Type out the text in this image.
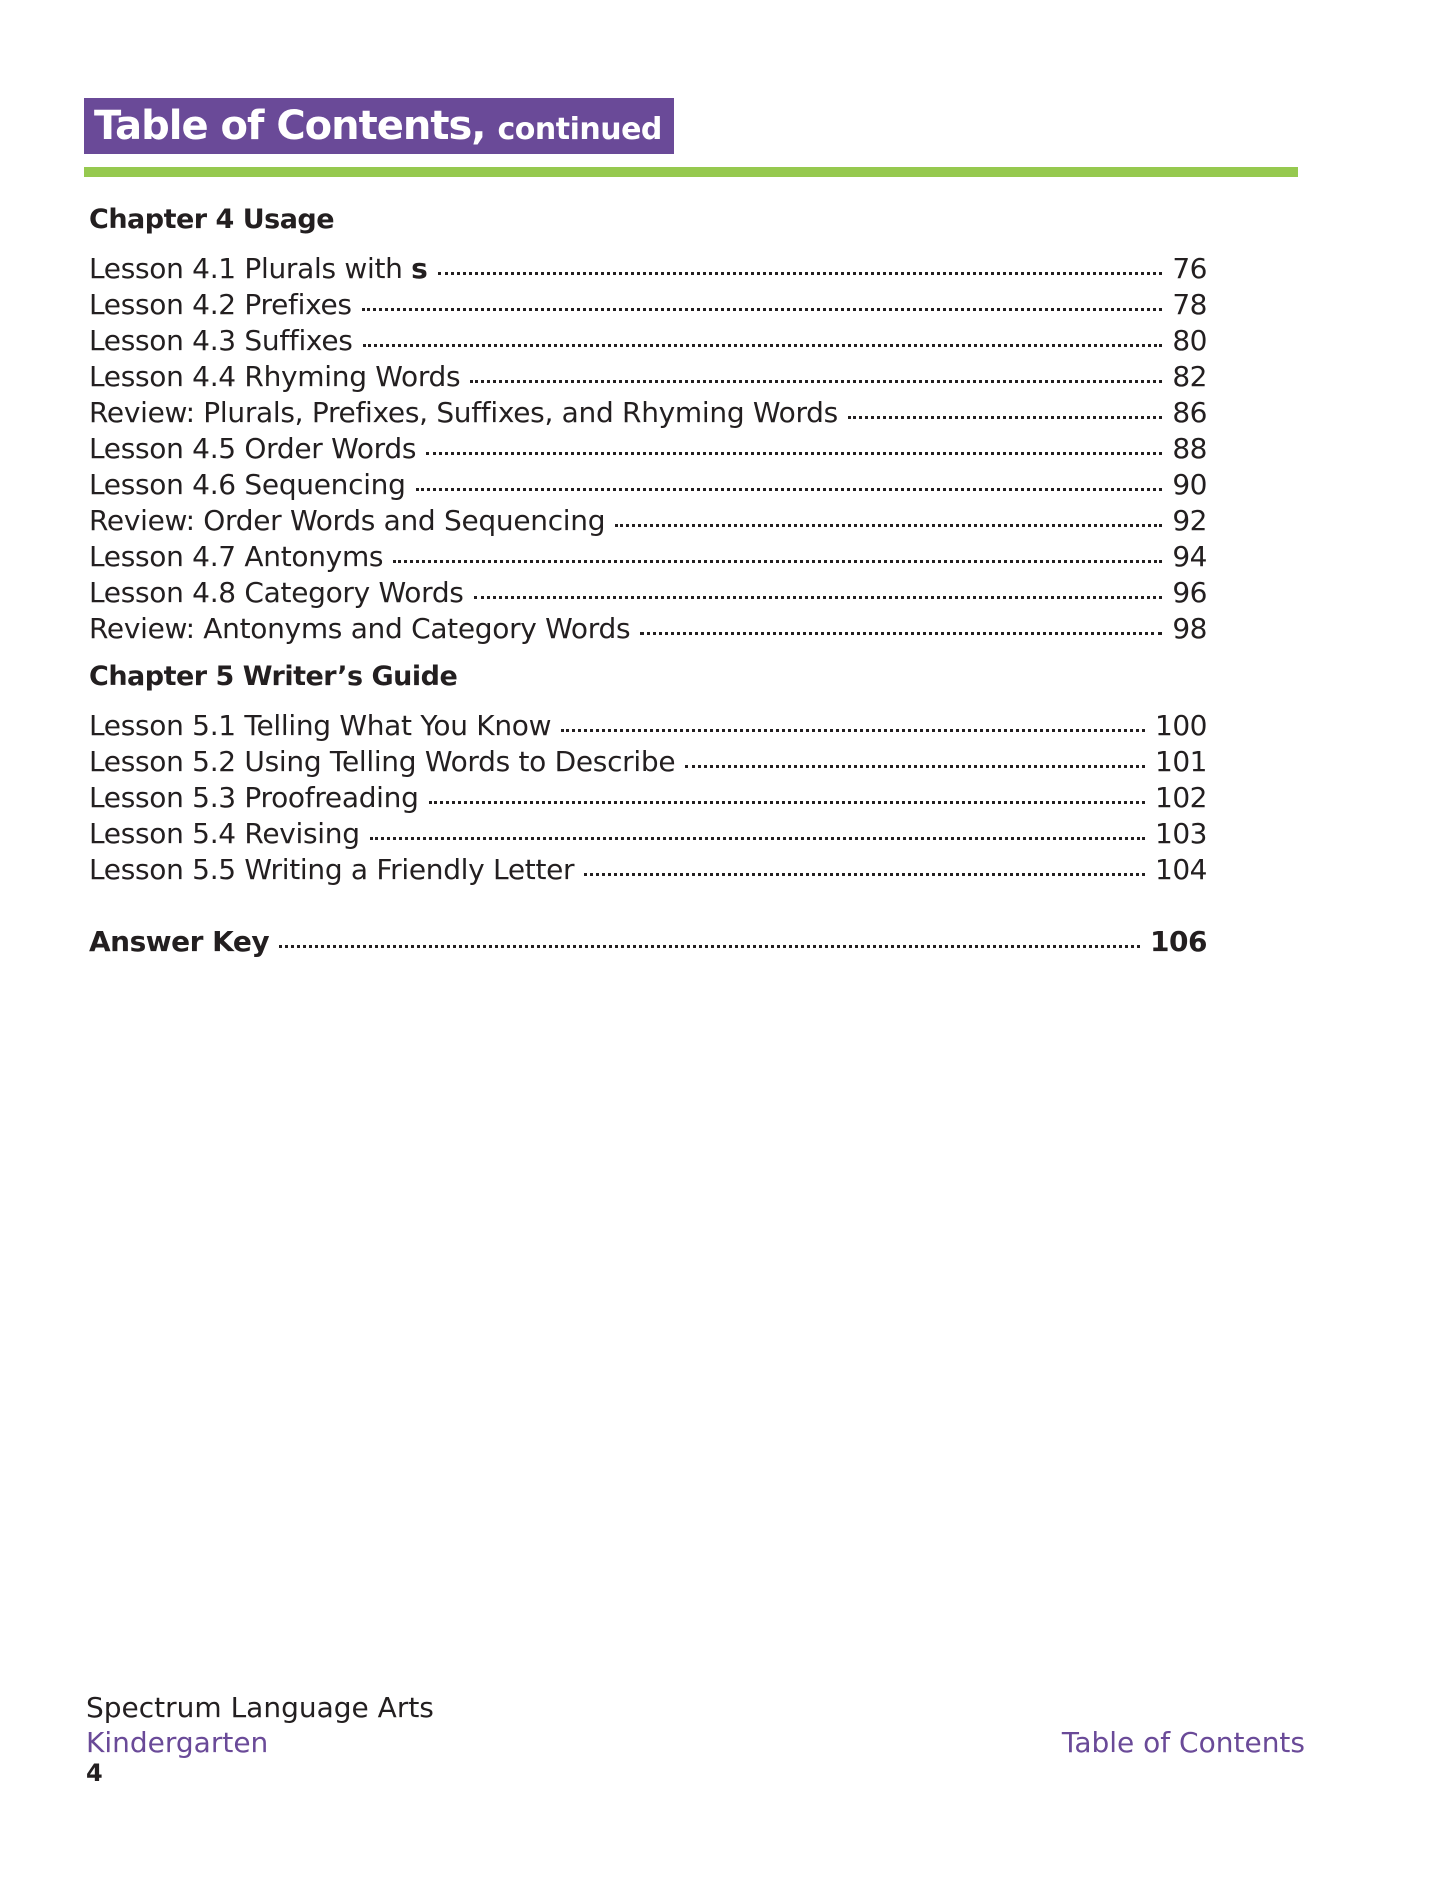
Table of Contents, continued
Chapter 4 Usage
Lesson 4.1 Plurals with s	76
Lesson 4.2 Prefixes	78
Lesson 4.3 Suffixes	80
Lesson 4.4 Rhyming Words	82
Review: Plurals, Prefixes, Suffixes, and Rhyming Words	86
Lesson 4.5 Order Words	88
Lesson 4.6 Sequencing	90
Review: Order Words and Sequencing	92
Lesson 4.7 Antonyms	94
Lesson 4.8 Category Words	96
Review: Antonyms and Category Words	98
Chapter 5 Writer’s Guide
Lesson 5.1 Telling What You Know	100
Lesson 5.2 Using Telling Words to Describe	101
Lesson 5.3 Proofreading	102
Lesson 5.4 Revising	103
Lesson 5.5 Writing a Friendly Letter	104
Answer Key	106
Spectrum Language Arts
Kindergarten
4
Table of Contents
